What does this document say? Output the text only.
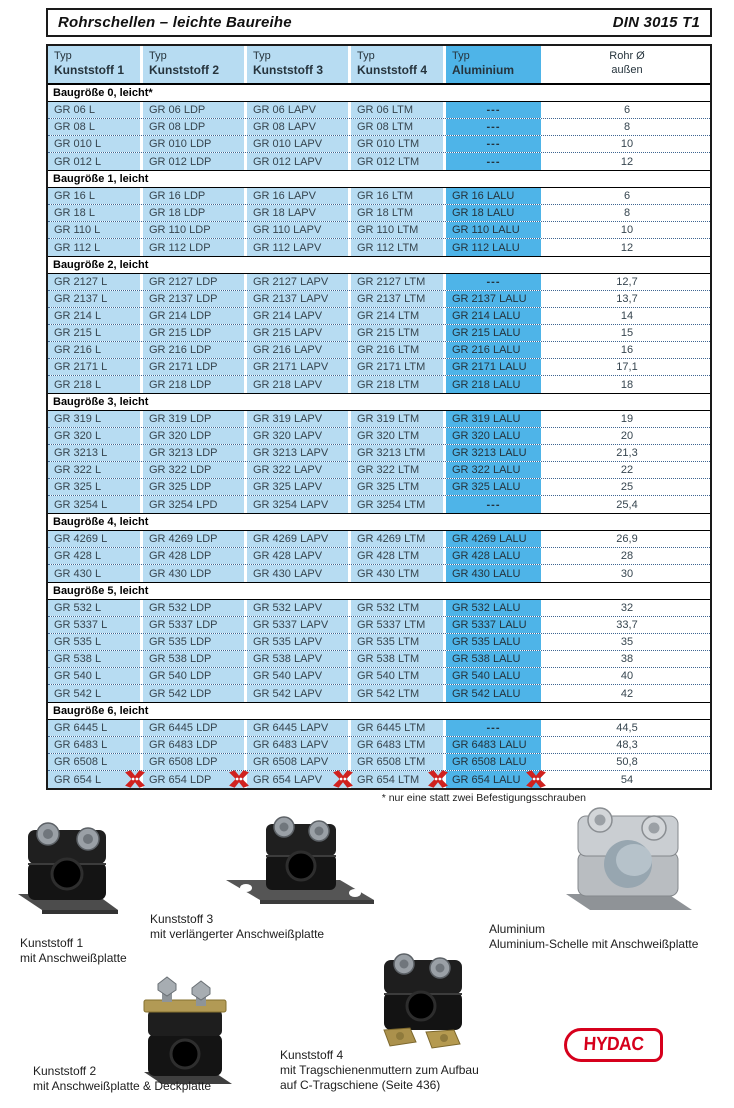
Rohrschellen – leichte Baureihe	DIN 3015 T1
Typ
Kunststoff 1
Typ
Kunststoff 2
Typ
Kunststoff 3
Typ
Kunststoff 4
Typ
Aluminium
Rohr Ø
außen
Baugröße 0, leicht*
GR 06 L	GR 06 LDP	GR 06 LAPV	GR 06 LTM	---	6
GR 08 L	GR 08 LDP	GR 08 LAPV	GR 08 LTM	---	8
GR 010 L	GR 010 LDP	GR 010 LAPV	GR 010 LTM	---	10
GR 012 L	GR 012 LDP	GR 012 LAPV	GR 012 LTM	---	12
Baugröße 1, leicht
GR 16 L	GR 16 LDP	GR 16 LAPV	GR 16 LTM	GR 16 LALU	6
GR 18 L	GR 18 LDP	GR 18 LAPV	GR 18 LTM	GR 18 LALU	8
GR 110 L	GR 110 LDP	GR 110 LAPV	GR 110 LTM	GR 110 LALU	10
GR 112 L	GR 112 LDP	GR 112 LAPV	GR 112 LTM	GR 112 LALU	12
Baugröße 2, leicht
GR 2127 L	GR 2127 LDP	GR 2127 LAPV	GR 2127 LTM	---	12,7
GR 2137 L	GR 2137 LDP	GR 2137 LAPV	GR 2137 LTM GR 2137 LALU	13,7
GR 214 L	GR 214 LDP	GR 214 LAPV	GR 214 LTM	GR 214 LALU	14
GR 215 L	GR 215 LDP	GR 215 LAPV	GR 215 LTM	GR 215 LALU	15
GR 216 L	GR 216 LDP	GR 216 LAPV	GR 216 LTM	GR 216 LALU	16
GR 2171 L	GR 2171 LDP	GR 2171 LAPV	GR 2171 LTM GR 2171 LALU	17,1
GR 218 L	GR 218 LDP	GR 218 LAPV	GR 218 LTM	GR 218 LALU	18
Baugröße 3, leicht
GR 319 L	GR 319 LDP	GR 319 LAPV	GR 319 LTM	GR 319 LALU	19
GR 320 L	GR 320 LDP	GR 320 LAPV	GR 320 LTM	GR 320 LALU	20
GR 3213 L	GR 3213 LDP	GR 3213 LAPV	GR 3213 LTM GR 3213 LALU	21,3
GR 322 L	GR 322 LDP	GR 322 LAPV	GR 322 LTM	GR 322 LALU	22
GR 325 L	GR 325 LDP	GR 325 LAPV	GR 325 LTM	GR 325 LALU	25
GR 3254 L	GR 3254 LPD	GR 3254 LAPV	GR 3254 LTM	---	25,4
Baugröße 4, leicht
GR 4269 L	GR 4269 LDP	GR 4269 LAPV	GR 4269 LTM GR 4269 LALU	26,9
GR 428 L	GR 428 LDP	GR 428 LAPV	GR 428 LTM	GR 428 LALU	28
GR 430 L	GR 430 LDP	GR 430 LAPV	GR 430 LTM	GR 430 LALU	30
Baugröße 5, leicht
GR 532 L	GR 532 LDP	GR 532 LAPV	GR 532 LTM	GR 532 LALU	32
GR 5337 L	GR 5337 LDP	GR 5337 LAPV	GR 5337 LTM GR 5337 LALU	33,7
GR 535 L	GR 535 LDP	GR 535 LAPV	GR 535 LTM	GR 535 LALU	35
GR 538 L	GR 538 LDP	GR 538 LAPV	GR 538 LTM	GR 538 LALU	38
GR 540 L	GR 540 LDP	GR 540 LAPV	GR 540 LTM	GR 540 LALU	40
GR 542 L	GR 542 LDP	GR 542 LAPV	GR 542 LTM	GR 542 LALU	42
Baugröße 6, leicht
GR 6445 L	GR 6445 LDP	GR 6445 LAPV	GR 6445 LTM	---	44,5
GR 6483 L	GR 6483 LDP	GR 6483 LAPV	GR 6483 LTM GR 6483 LALU	48,3
GR 6508 L	GR 6508 LDP	GR 6508 LAPV	GR 6508 LTM GR 6508 LALU	50,8
GR 654 L	GR 654 LDP	GR 654 LAPV	GR 654 LTM	GR 654 LALU	54
* nur eine statt zwei Befestigungsschrauben
Kunststoff 1
mit Anschweißplatte
Kunststoff 3
mit verlängerter Anschweißplatte	Aluminium
Aluminium-Schelle mit Anschweißplatte
Kunststoff 2
mit Anschweißplatte & Deckplatte
Kunststoff 4
mit Tragschienenmuttern zum Aufbau
auf C-Tragschiene (Seite 436)
HYDAC
